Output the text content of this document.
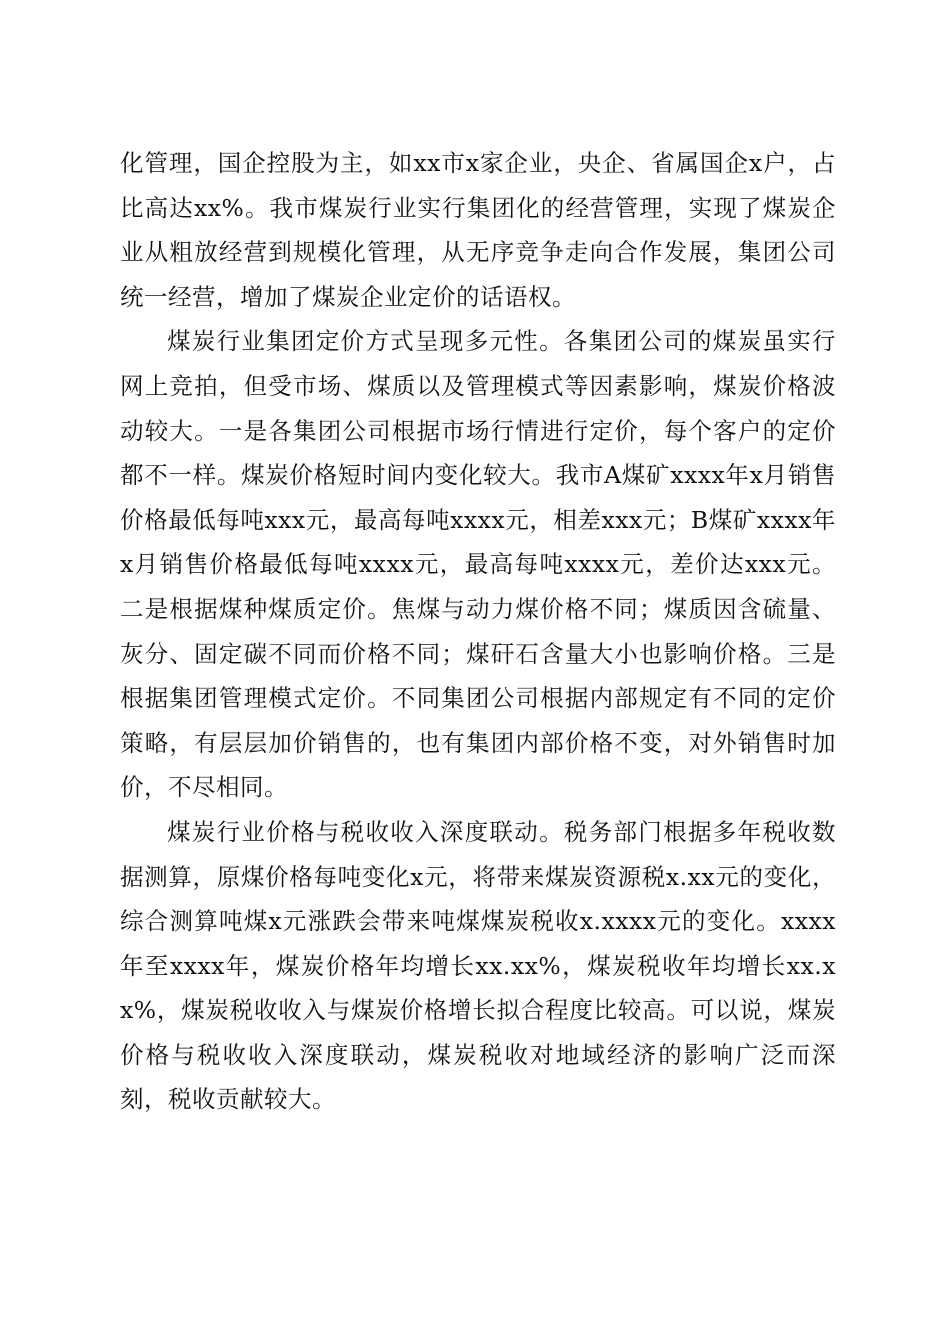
化管理，国企控股为主，如xx市x家企业，央企、省属国企x户，占比高达xx%。我市煤炭行业实行集团化的经营管理，实现了煤炭企业从粗放经营到规模化管理，从无序竞争走向合作发展，集团公司统一经营，增加了煤炭企业定价的话语权。

煤炭行业集团定价方式呈现多元性。各集团公司的煤炭虽实行网上竞拍，但受市场、煤质以及管理模式等因素影响，煤炭价格波动较大。一是各集团公司根据市场行情进行定价，每个客户的定价都不一样。煤炭价格短时间内变化较大。我市A煤矿xxxx年x月销售价格最低每吨xxx元，最高每吨xxxx元，相差xxx元；B煤矿xxxx年x月销售价格最低每吨xxxx元，最高每吨xxxx元，差价达xxx元。二是根据煤种煤质定价。焦煤与动力煤价格不同；煤质因含硫量、灰分、固定碳不同而价格不同；煤矸石含量大小也影响价格。三是根据集团管理模式定价。不同集团公司根据内部规定有不同的定价策略，有层层加价销售的，也有集团内部价格不变，对外销售时加价，不尽相同。

煤炭行业价格与税收收入深度联动。税务部门根据多年税收数据测算，原煤价格每吨变化x元，将带来煤炭资源税x.xx元的变化，综合测算吨煤x元涨跌会带来吨煤煤炭税收x.xxxx元的变化。xxxx年至xxxx年，煤炭价格年均增长xx.xx%，煤炭税收年均增长xx.xx%，煤炭税收收入与煤炭价格增长拟合程度比较高。可以说，煤炭价格与税收收入深度联动，煤炭税收对地域经济的影响广泛而深刻，税收贡献较大。
